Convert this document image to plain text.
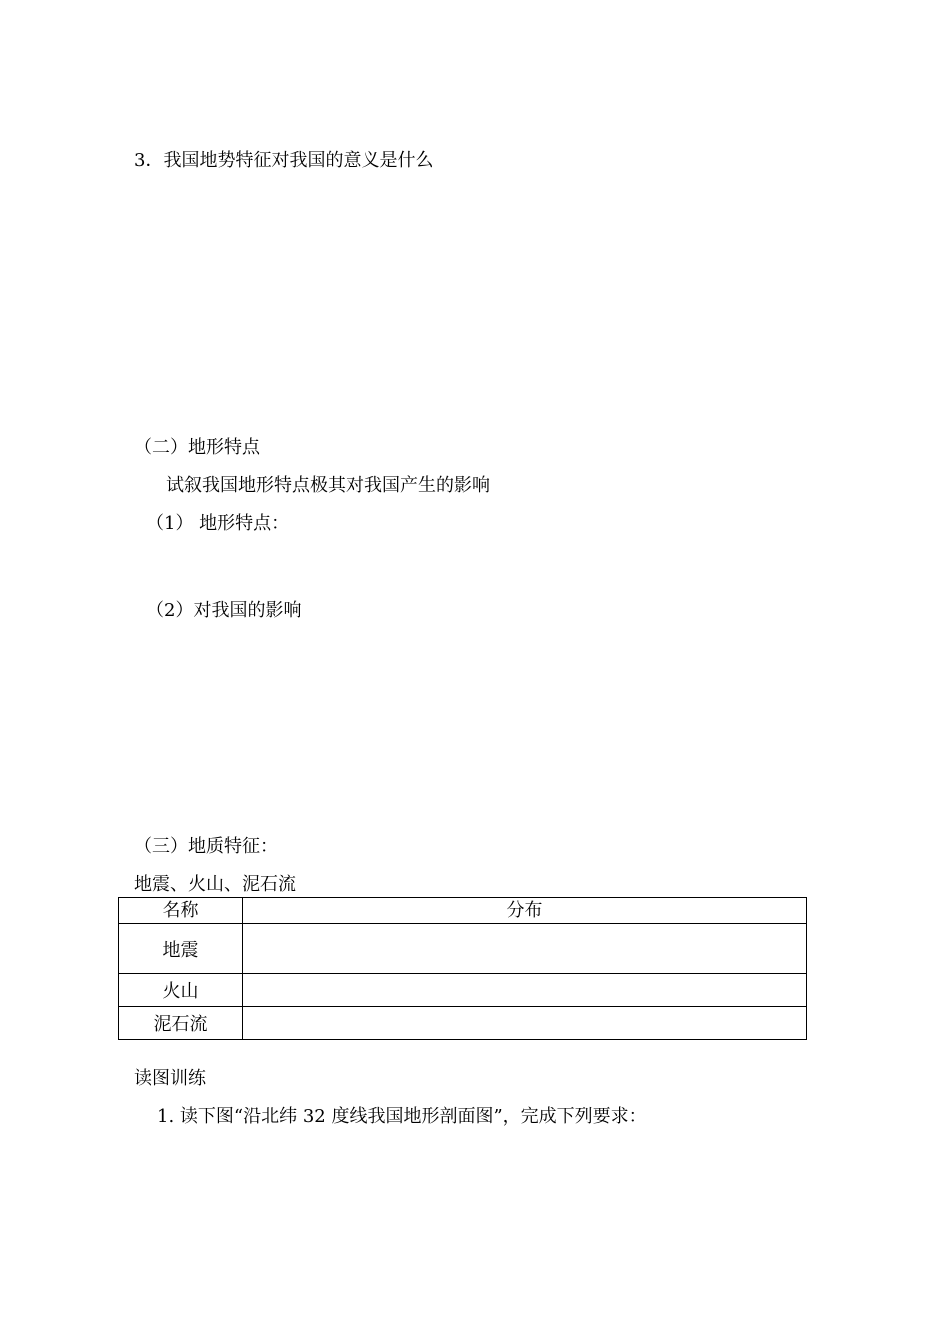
3．我国地势特征对我国的意义是什么
（二）地形特点
试叙我国地形特点极其对我国产生的影响
（1） 地形特点：
（2）对我国的影响
（三）地质特征：
地震、火山、泥石流
名称	分布
地震	
火山	
泥石流	
读图训练
1. 读下图“沿北纬 32 度线我国地形剖面图”，完成下列要求：
